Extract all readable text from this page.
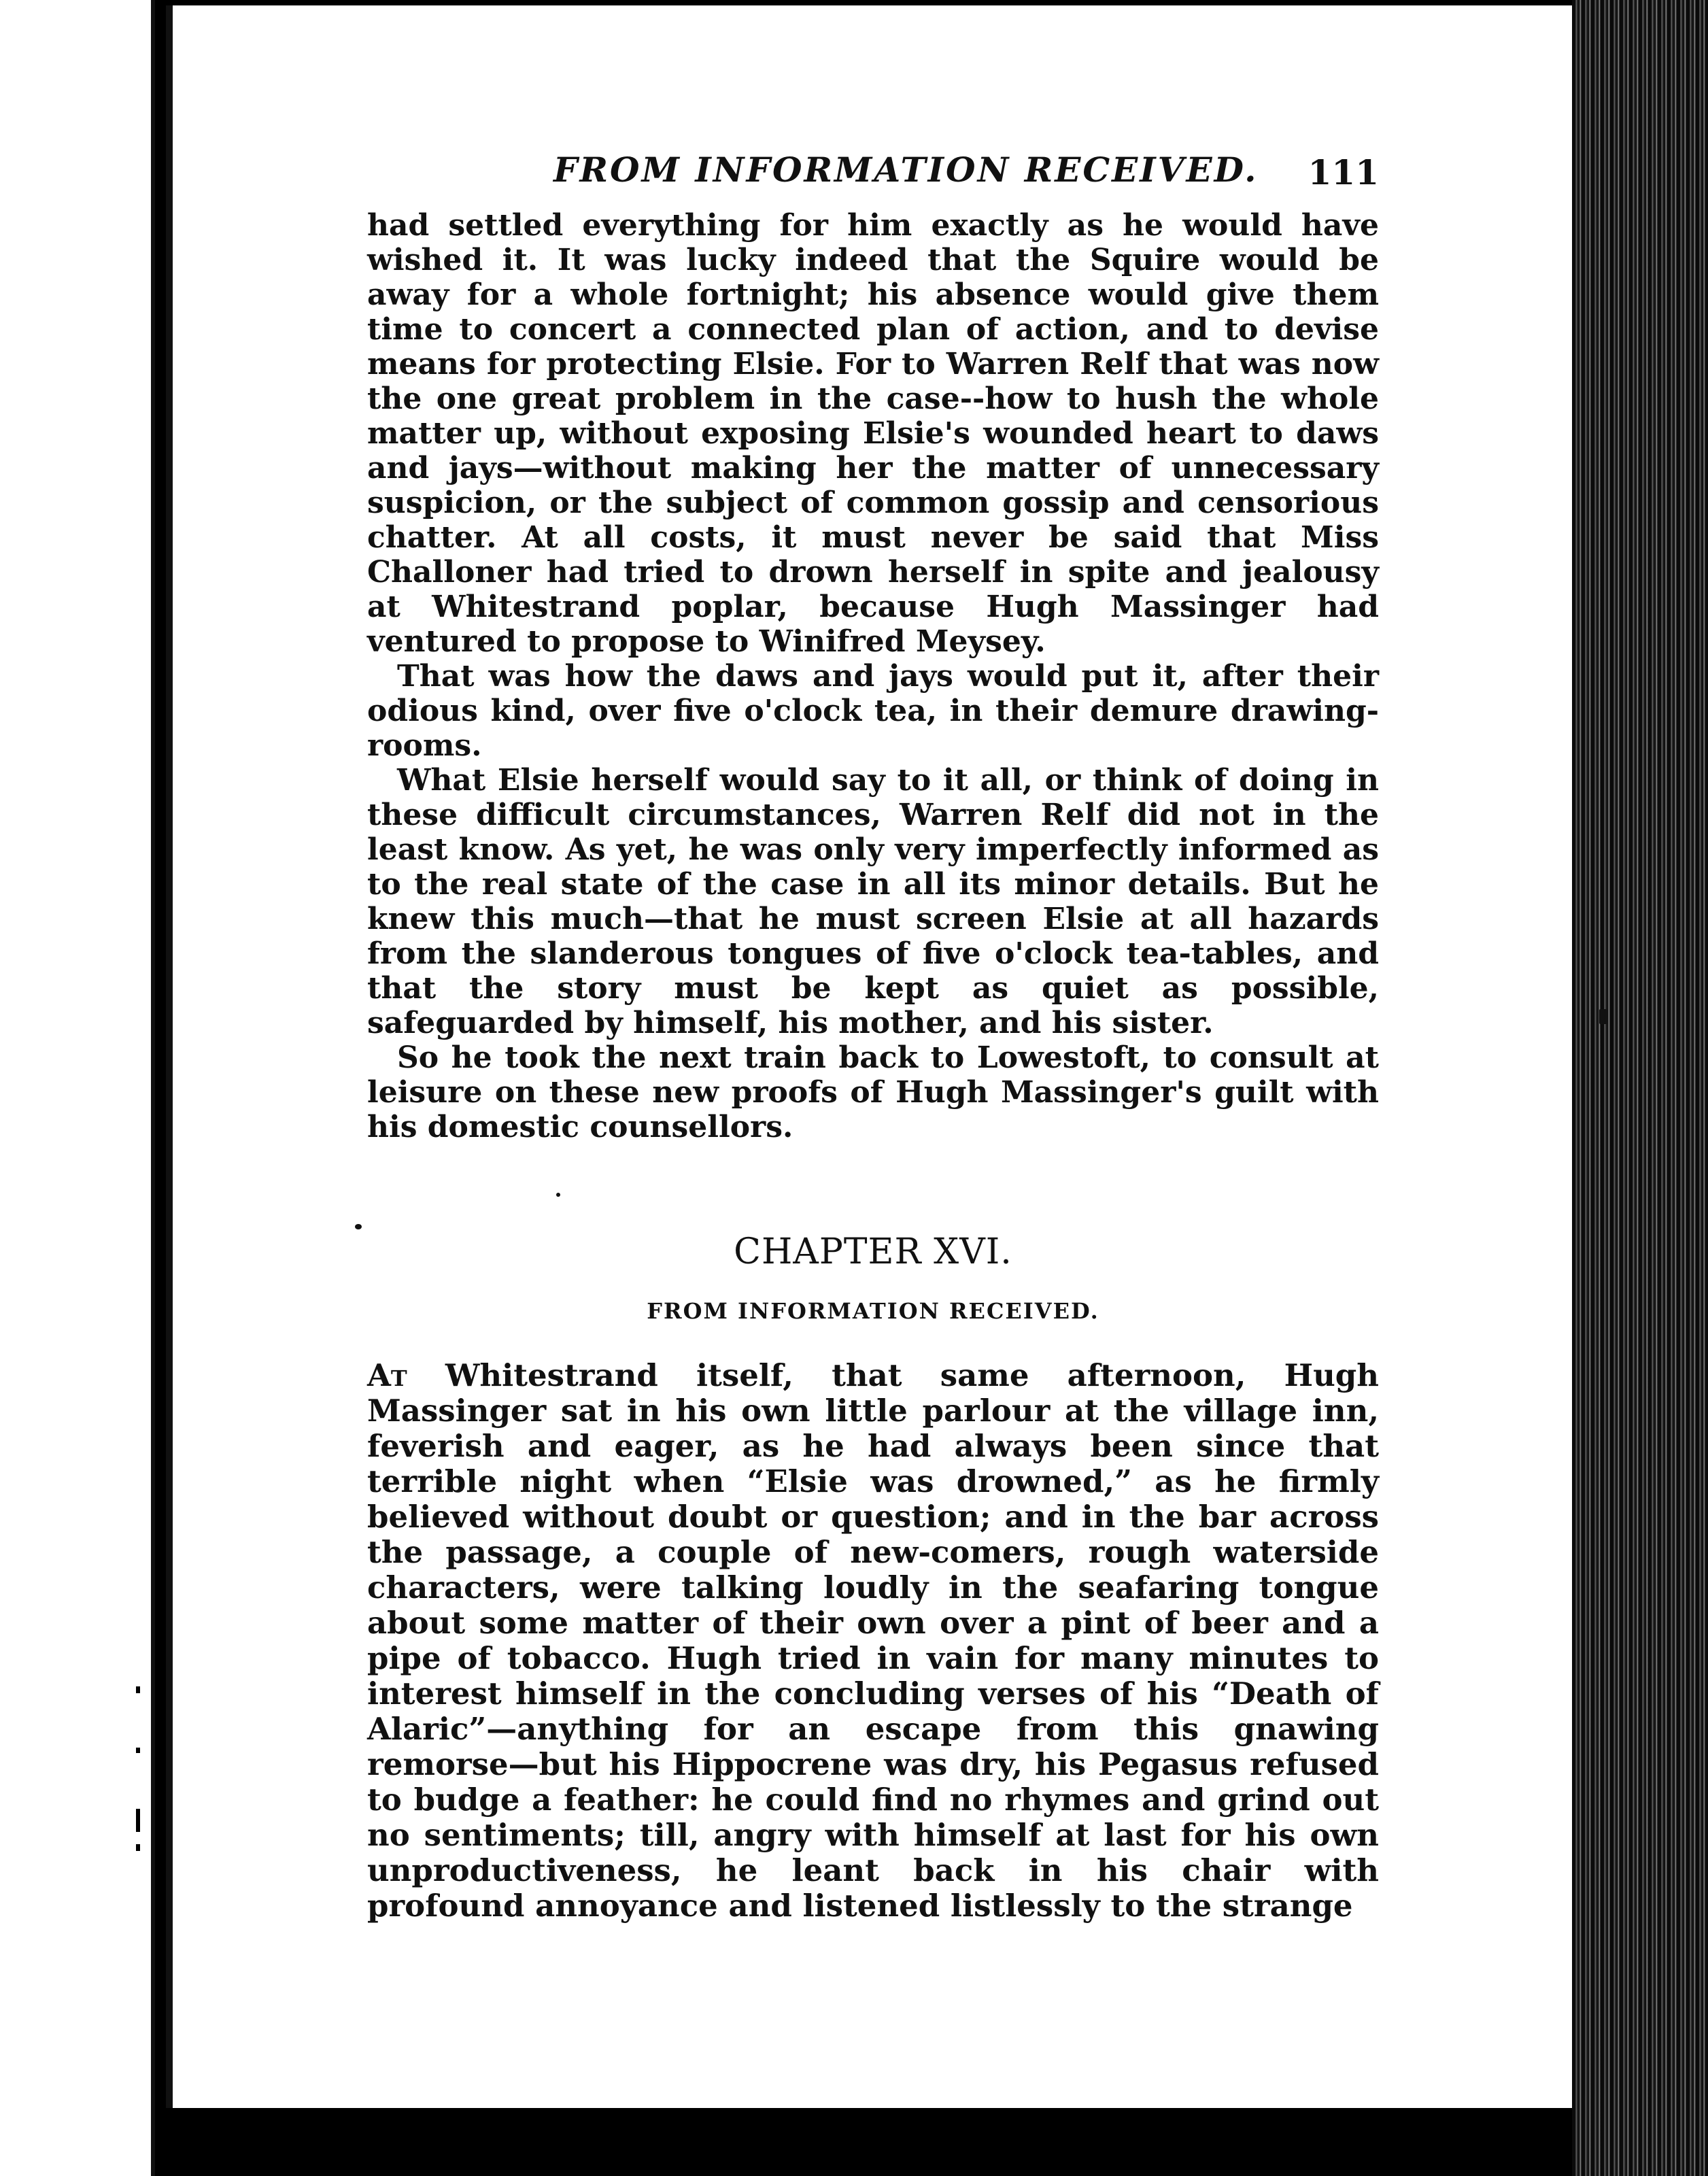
FROM INFORMATION RECEIVED. 111

had settled everything for him exactly as he would have wished it. It was lucky indeed that the Squire would be away for a whole fortnight; his absence would give them time to concert a connected plan of action, and to devise means for protecting Elsie. For to Warren Relf that was now the one great problem in the case--how to hush the whole matter up, without exposing Elsie's wounded heart to daws and jays—without making her the matter of unnecessary suspicion, or the subject of common gossip and censorious chatter. At all costs, it must never be said that Miss Challoner had tried to drown herself in spite and jealousy at Whitestrand poplar, because Hugh Massinger had ventured to propose to Winifred Meysey.

That was how the daws and jays would put it, after their odious kind, over five o'clock tea, in their demure drawing-rooms.

What Elsie herself would say to it all, or think of doing in these difficult circumstances, Warren Relf did not in the least know. As yet, he was only very imperfectly informed as to the real state of the case in all its minor details. But he knew this much—that he must screen Elsie at all hazards from the slanderous tongues of five o'clock tea-tables, and that the story must be kept as quiet as possible, safeguarded by himself, his mother, and his sister.

So he took the next train back to Lowestoft, to consult at leisure on these new proofs of Hugh Massinger's guilt with his domestic counsellors.

CHAPTER XVI.
FROM INFORMATION RECEIVED.

At Whitestrand itself, that same afternoon, Hugh Massinger sat in his own little parlour at the village inn, feverish and eager, as he had always been since that terrible night when “Elsie was drowned,” as he firmly believed without doubt or question; and in the bar across the passage, a couple of new-comers, rough waterside characters, were talking loudly in the seafaring tongue about some matter of their own over a pint of beer and a pipe of tobacco. Hugh tried in vain for many minutes to interest himself in the concluding verses of his “Death of Alaric”—anything for an escape from this gnawing remorse—but his Hippocrene was dry, his Pegasus refused to budge a feather: he could find no rhymes and grind out no sentiments; till, angry with himself at last for his own unproductiveness, he leant back in his chair with profound annoyance and listened listlessly to the strange
